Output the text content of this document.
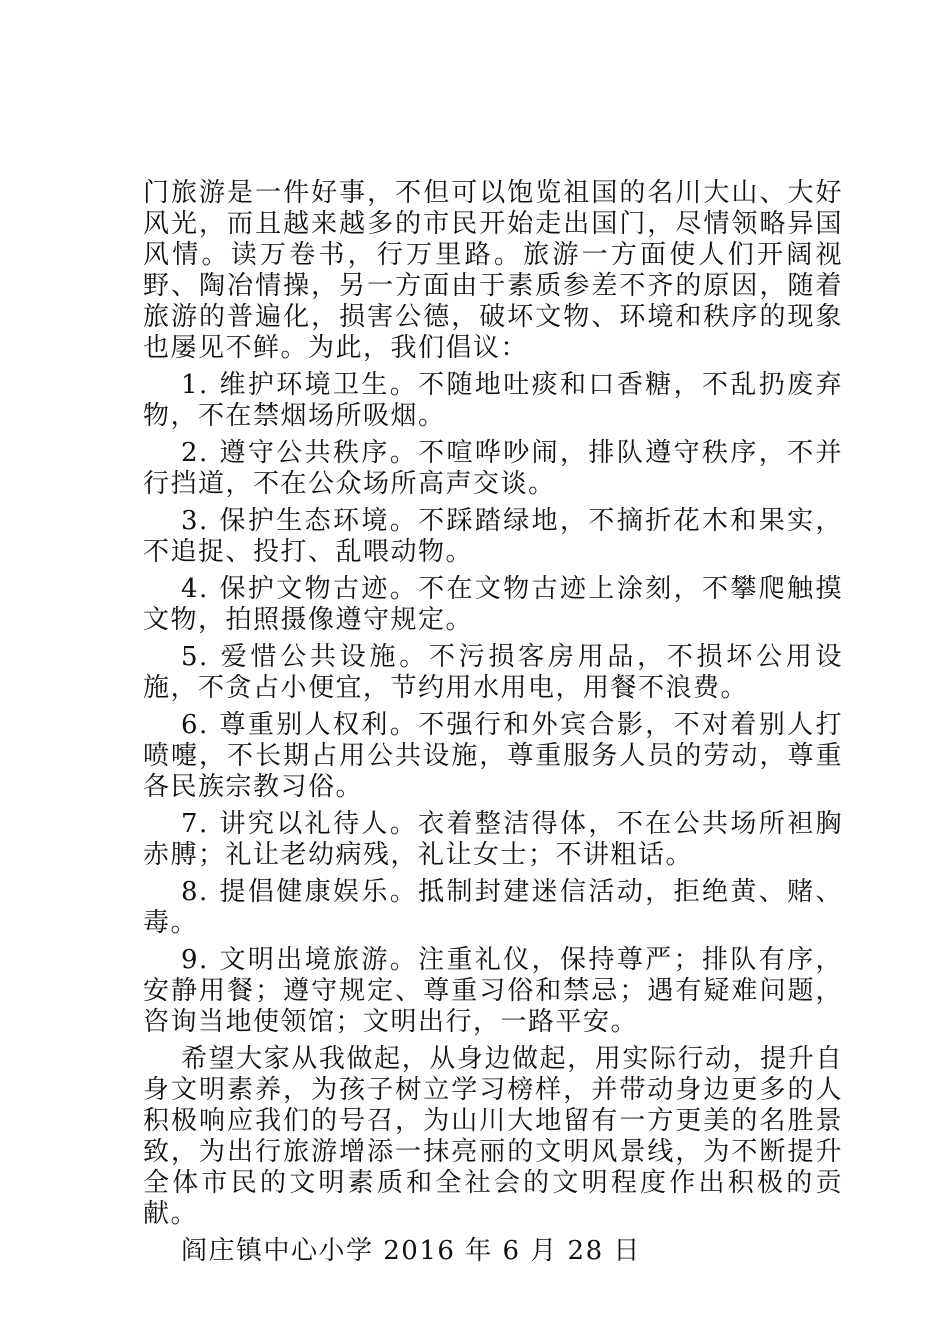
门旅游是一件好事，不但可以饱览祖国的名川大山、大好风光，而且越来越多的市民开始走出国门，尽情领略异国风情。读万卷书，行万里路。旅游一方面使人们开阔视野、陶冶情操，另一方面由于素质参差不齐的原因，随着旅游的普遍化，损害公德，破坏文物、环境和秩序的现象也屡见不鲜。为此，我们倡议：

1. 维护环境卫生。不随地吐痰和口香糖，不乱扔废弃物，不在禁烟场所吸烟。

2. 遵守公共秩序。不喧哗吵闹，排队遵守秩序，不并行挡道，不在公众场所高声交谈。

3. 保护生态环境。不踩踏绿地，不摘折花木和果实，不追捉、投打、乱喂动物。

4. 保护文物古迹。不在文物古迹上涂刻，不攀爬触摸文物，拍照摄像遵守规定。

5. 爱惜公共设施。不污损客房用品，不损坏公用设施，不贪占小便宜，节约用水用电，用餐不浪费。

6. 尊重别人权利。不强行和外宾合影，不对着别人打喷嚏，不长期占用公共设施，尊重服务人员的劳动，尊重各民族宗教习俗。

7. 讲究以礼待人。衣着整洁得体，不在公共场所袒胸赤膊；礼让老幼病残，礼让女士；不讲粗话。

8. 提倡健康娱乐。抵制封建迷信活动，拒绝黄、赌、毒。

9. 文明出境旅游。注重礼仪，保持尊严；排队有序，安静用餐；遵守规定、尊重习俗和禁忌；遇有疑难问题，咨询当地使领馆；文明出行，一路平安。

希望大家从我做起，从身边做起，用实际行动，提升自身文明素养，为孩子树立学习榜样，并带动身边更多的人积极响应我们的号召，为山川大地留有一方更美的名胜景致，为出行旅游增添一抹亮丽的文明风景线，为不断提升全体市民的文明素质和全社会的文明程度作出积极的贡献。

阎庄镇中心小学 2016 年 6 月 28 日
